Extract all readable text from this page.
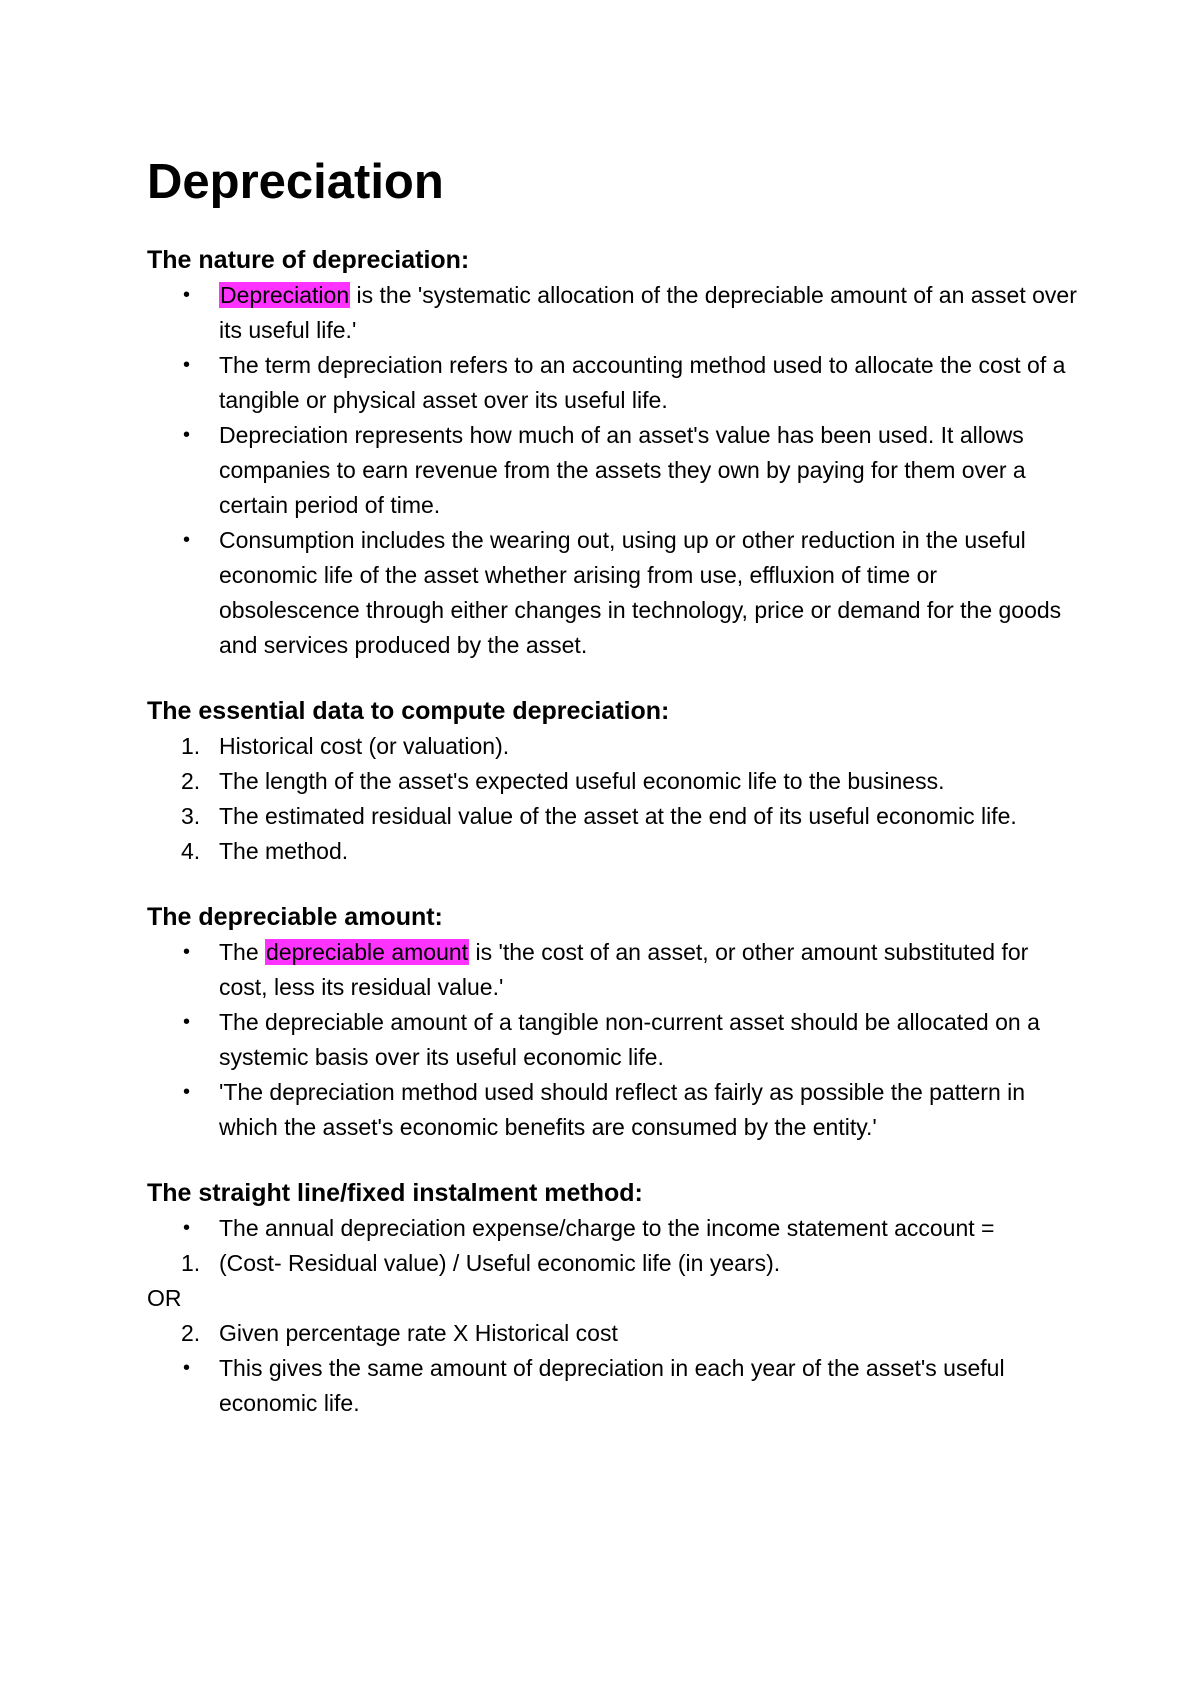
Depreciation
The nature of depreciation:
•	Depreciation is the 'systematic allocation of the depreciable amount of an asset over its useful life.'
•	The term depreciation refers to an accounting method used to allocate the cost of a tangible or physical asset over its useful life.
•	Depreciation represents how much of an asset's value has been used. It allows companies to earn revenue from the assets they own by paying for them over a certain period of time.
•	Consumption includes the wearing out, using up or other reduction in the useful economic life of the asset whether arising from use, effluxion of time or obsolescence through either changes in technology, price or demand for the goods and services produced by the asset.
The essential data to compute depreciation:
1. Historical cost (or valuation).
2. The length of the asset's expected useful economic life to the business.
3. The estimated residual value of the asset at the end of its useful economic life.
4. The method.
The depreciable amount:
•	The depreciable amount is 'the cost of an asset, or other amount substituted for cost, less its residual value.'
•	The depreciable amount of a tangible non-current asset should be allocated on a systemic basis over its useful economic life.
•	'The depreciation method used should reflect as fairly as possible the pattern in which the asset's economic benefits are consumed by the entity.'
The straight line/fixed instalment method:
•	The annual depreciation expense/charge to the income statement account =
1. (Cost- Residual value) / Useful economic life (in years).
OR
2. Given percentage rate X Historical cost
•	This gives the same amount of depreciation in each year of the asset's useful economic life.
